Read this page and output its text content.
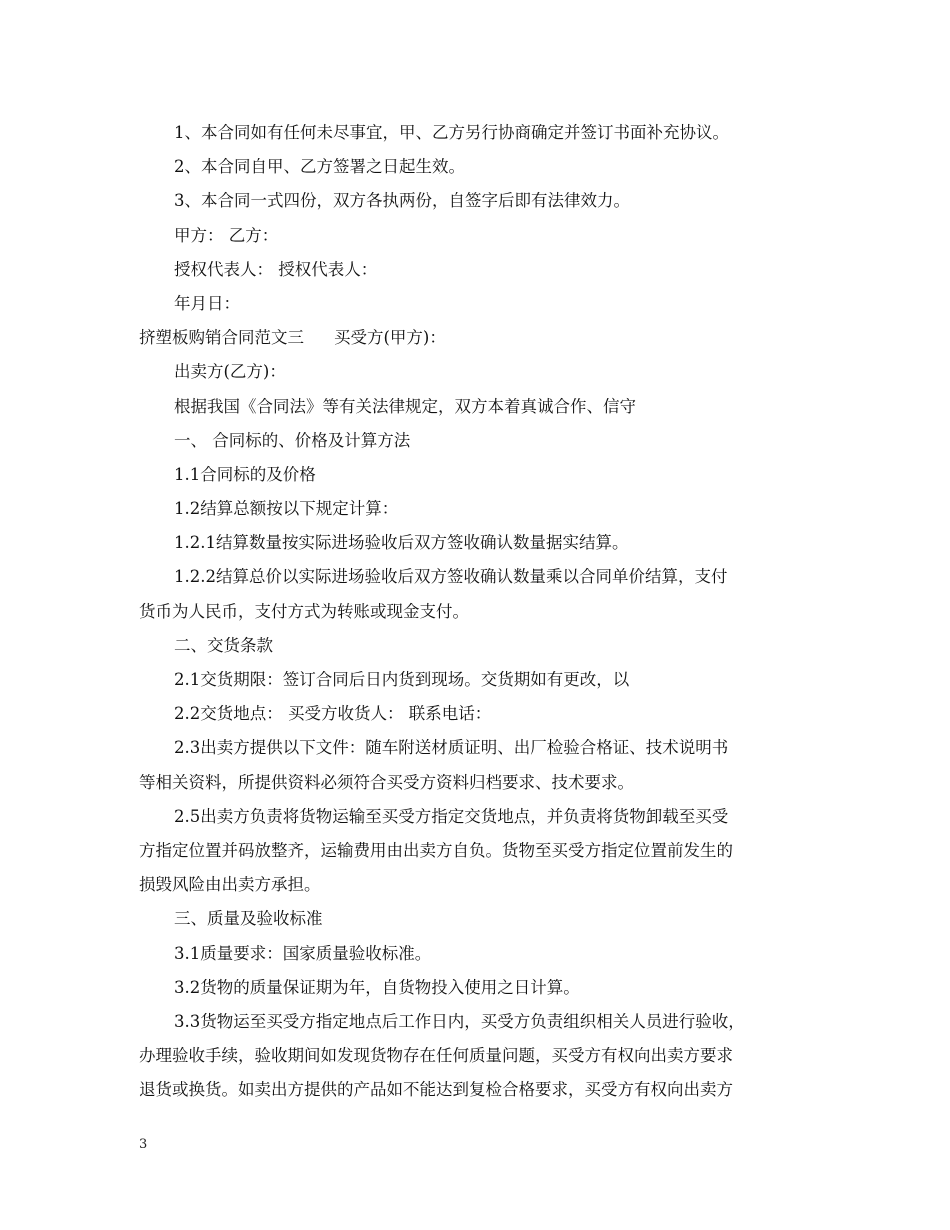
1、本合同如有任何未尽事宜，甲、乙方另行协商确定并签订书面补充协议。
2、本合同自甲、乙方签署之日起生效。
3、本合同一式四份，双方各执两份，自签字后即有法律效力。
甲方： 乙方：
授权代表人： 授权代表人：
年月日：
挤塑板购销合同范文三 买受方(甲方)：
出卖方(乙方)：
根据我国《合同法》等有关法律规定，双方本着真诚合作、信守
一、 合同标的、价格及计算方法
1.1合同标的及价格
1.2结算总额按以下规定计算：
1.2.1结算数量按实际进场验收后双方签收确认数量据实结算。
1.2.2结算总价以实际进场验收后双方签收确认数量乘以合同单价结算，支付
货币为人民币，支付方式为转账或现金支付。
二、交货条款
2.1交货期限：签订合同后日内货到现场。交货期如有更改，以
2.2交货地点： 买受方收货人： 联系电话：
2.3出卖方提供以下文件：随车附送材质证明、出厂检验合格证、技术说明书
等相关资料，所提供资料必须符合买受方资料归档要求、技术要求。
2.5出卖方负责将货物运输至买受方指定交货地点，并负责将货物卸载至买受
方指定位置并码放整齐，运输费用由出卖方自负。货物至买受方指定位置前发生的
损毁风险由出卖方承担。
三、质量及验收标准
3.1质量要求：国家质量验收标准。
3.2货物的质量保证期为年，自货物投入使用之日计算。
3.3货物运至买受方指定地点后工作日内，买受方负责组织相关人员进行验收，
办理验收手续，验收期间如发现货物存在任何质量问题，买受方有权向出卖方要求
退货或换货。如卖出方提供的产品如不能达到复检合格要求，买受方有权向出卖方
3
